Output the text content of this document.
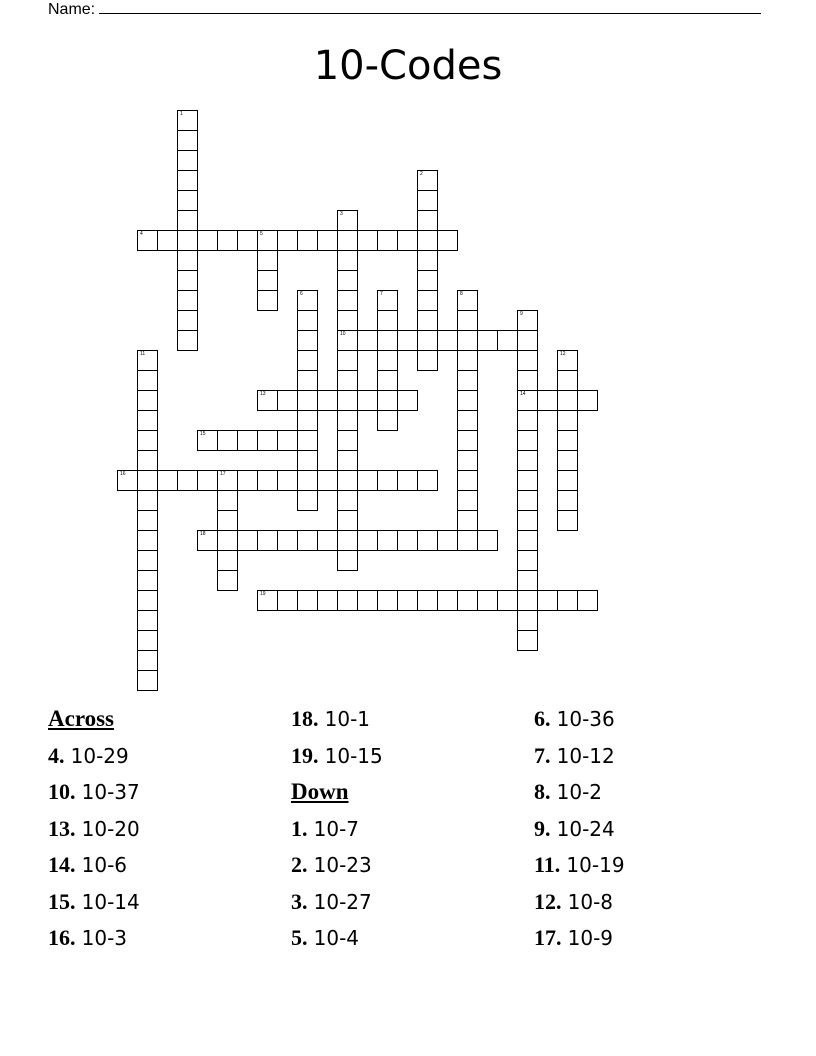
Name:
10-Codes
1
2
3
10
4	5
6	7	8
9
14
11	12
13
15
16	17
18
19
Across
4. 10-29
10. 10-37
13. 10-20
14. 10-6
15. 10-14
16. 10-3
18. 10-1
19. 10-15
Down
1. 10-7
2. 10-23
3. 10-27
5. 10-4
6. 10-36
7. 10-12
8. 10-2
9. 10-24
11. 10-19
12. 10-8
17. 10-9
